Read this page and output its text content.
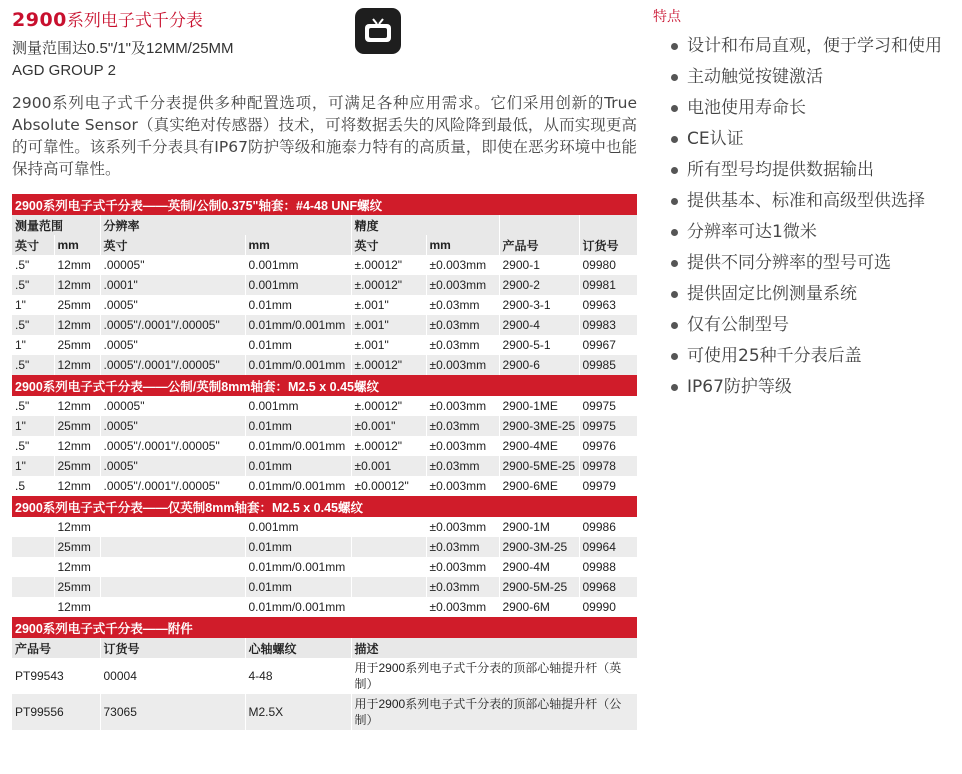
2900系列电子式千分表
测量范围达0.5"/1"及12MM/25MM
AGD GROUP 2
2900系列电子式千分表提供多种配置选项，可满足各种应用需求。它们采用创新的True Absolute Sensor（真实绝对传感器）技术，可将数据丢失的风险降到最低，从而实现更高的可靠性。该系列千分表具有IP67防护等级和施泰力特有的高质量，即使在恶劣环境中也能保持高可靠性。
特点
设计和布局直观，便于学习和使用
主动触觉按键激活
电池使用寿命长
CE认证
所有型号均提供数据输出
提供基本、标准和高级型供选择
分辨率可达1微米
提供不同分辨率的型号可选
提供固定比例测量系统
仅有公制型号
可使用25种千分表后盖
IP67防护等级
2900系列电子式千分表——英制/公制0.375"轴套：#4-48 UNF螺纹							
测量范围		分辨率		精度			
英寸	mm	英寸	mm	英寸	mm	产品号	订货号
.5"	12mm	.00005"	0.001mm	±.00012"	±0.003mm	2900-1	09980
.5"	12mm	.0001"	0.001mm	±.00012"	±0.003mm	2900-2	09981
1"	25mm	.0005"	0.01mm	±.001"	±0.03mm	2900-3-1	09963
.5"	12mm	.0005"/.0001"/.00005"	0.01mm/0.001mm	±.001"	±0.03mm	2900-4	09983
1"	25mm	.0005"	0.01mm	±.001"	±0.03mm	2900-5-1	09967
.5"	12mm	.0005"/.0001"/.00005"	0.01mm/0.001mm	±.00012"	±0.003mm	2900-6	09985
2900系列电子式千分表——公制/英制8mm轴套：M2.5 x 0.45螺纹							
.5"	12mm	.00005"	0.001mm	±.00012"	±0.003mm	2900-1ME	09975
1"	25mm	.0005"	0.01mm	±0.001"	±0.03mm	2900-3ME-25	09975
.5"	12mm	.0005"/.0001"/.00005"	0.01mm/0.001mm	±.00012"	±0.003mm	2900-4ME	09976
1"	25mm	.0005"	0.01mm	±0.001	±0.03mm	2900-5ME-25	09978
.5	12mm	.0005"/.0001"/.00005"	0.01mm/0.001mm	±0.00012"	±0.003mm	2900-6ME	09979
2900系列电子式千分表——仅英制8mm轴套：M2.5 x 0.45螺纹							
	12mm		0.001mm		±0.003mm	2900-1M	09986
	25mm		0.01mm		±0.03mm	2900-3M-25	09964
	12mm		0.01mm/0.001mm		±0.003mm	2900-4M	09988
	25mm		0.01mm		±0.03mm	2900-5M-25	09968
	12mm		0.01mm/0.001mm		±0.003mm	2900-6M	09990
2900系列电子式千分表——附件							
产品号		订货号	心轴螺纹	描述			
PT99543		00004	4-48	用于2900系列电子式千分表的顶部心轴提升杆（英制）			
PT99556		73065	M2.5X	用于2900系列电子式千分表的顶部心轴提升杆（公制）			
